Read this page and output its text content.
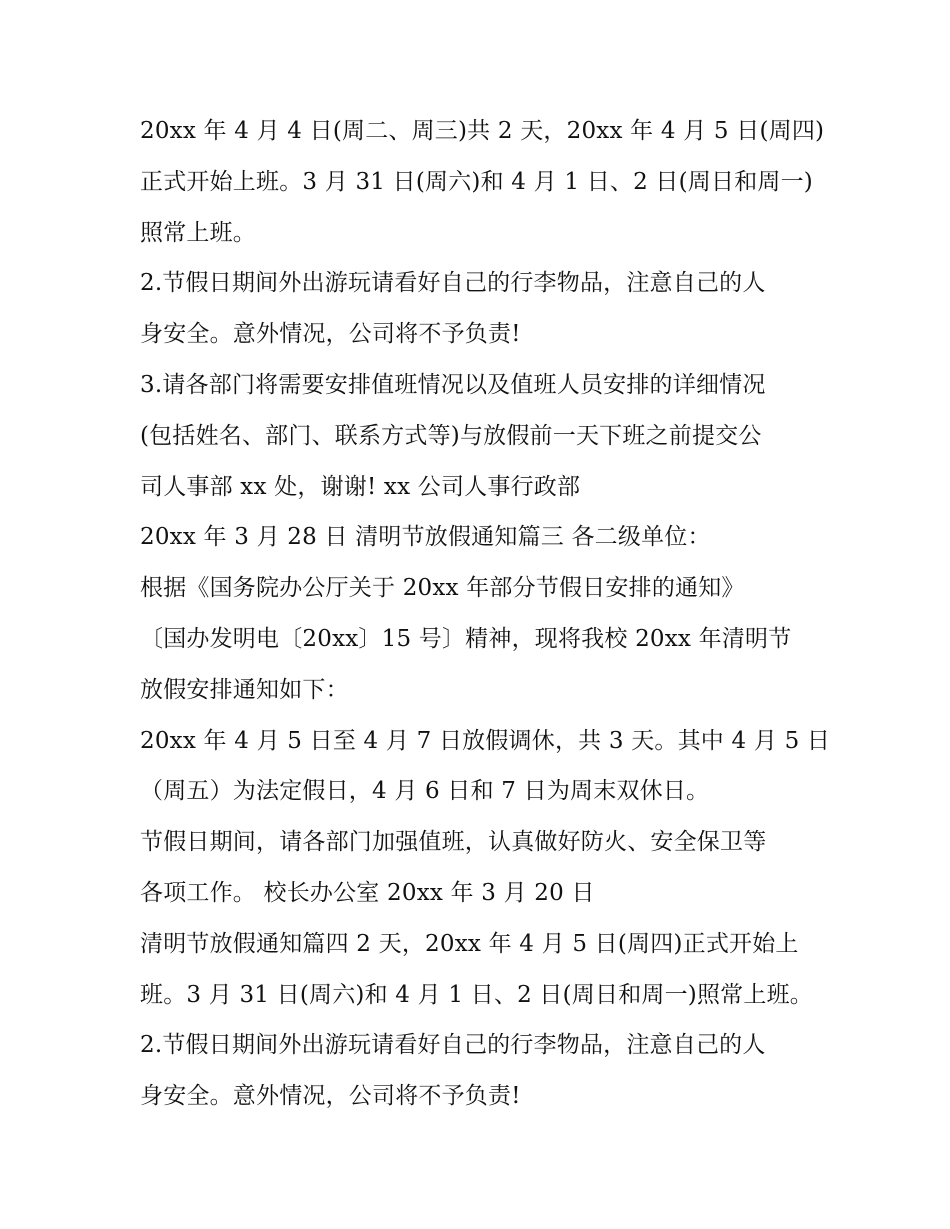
20xx 年 4 月 4 日(周二、周三)共 2 天，20xx 年 4 月 5 日(周四)
正式开始上班。3 月 31 日(周六)和 4 月 1 日、2 日(周日和周一)
照常上班。
2.节假日期间外出游玩请看好自己的行李物品，注意自己的人
身安全。意外情况，公司将不予负责!
3.请各部门将需要安排值班情况以及值班人员安排的详细情况
(包括姓名、部门、联系方式等)与放假前一天下班之前提交公
司人事部 xx 处，谢谢! xx 公司人事行政部
20xx 年 3 月 28 日 清明节放假通知篇三 各二级单位：
根据《国务院办公厅关于 20xx 年部分节假日安排的通知》
〔国办发明电〔20xx〕15 号〕精神，现将我校 20xx 年清明节
放假安排通知如下：
20xx 年 4 月 5 日至 4 月 7 日放假调休，共 3 天。其中 4 月 5 日
（周五）为法定假日，4 月 6 日和 7 日为周末双休日。
节假日期间，请各部门加强值班，认真做好防火、安全保卫等
各项工作。 校长办公室 20xx 年 3 月 20 日
清明节放假通知篇四 2 天，20xx 年 4 月 5 日(周四)正式开始上
班。3 月 31 日(周六)和 4 月 1 日、2 日(周日和周一)照常上班。
2.节假日期间外出游玩请看好自己的行李物品，注意自己的人
身安全。意外情况，公司将不予负责!
